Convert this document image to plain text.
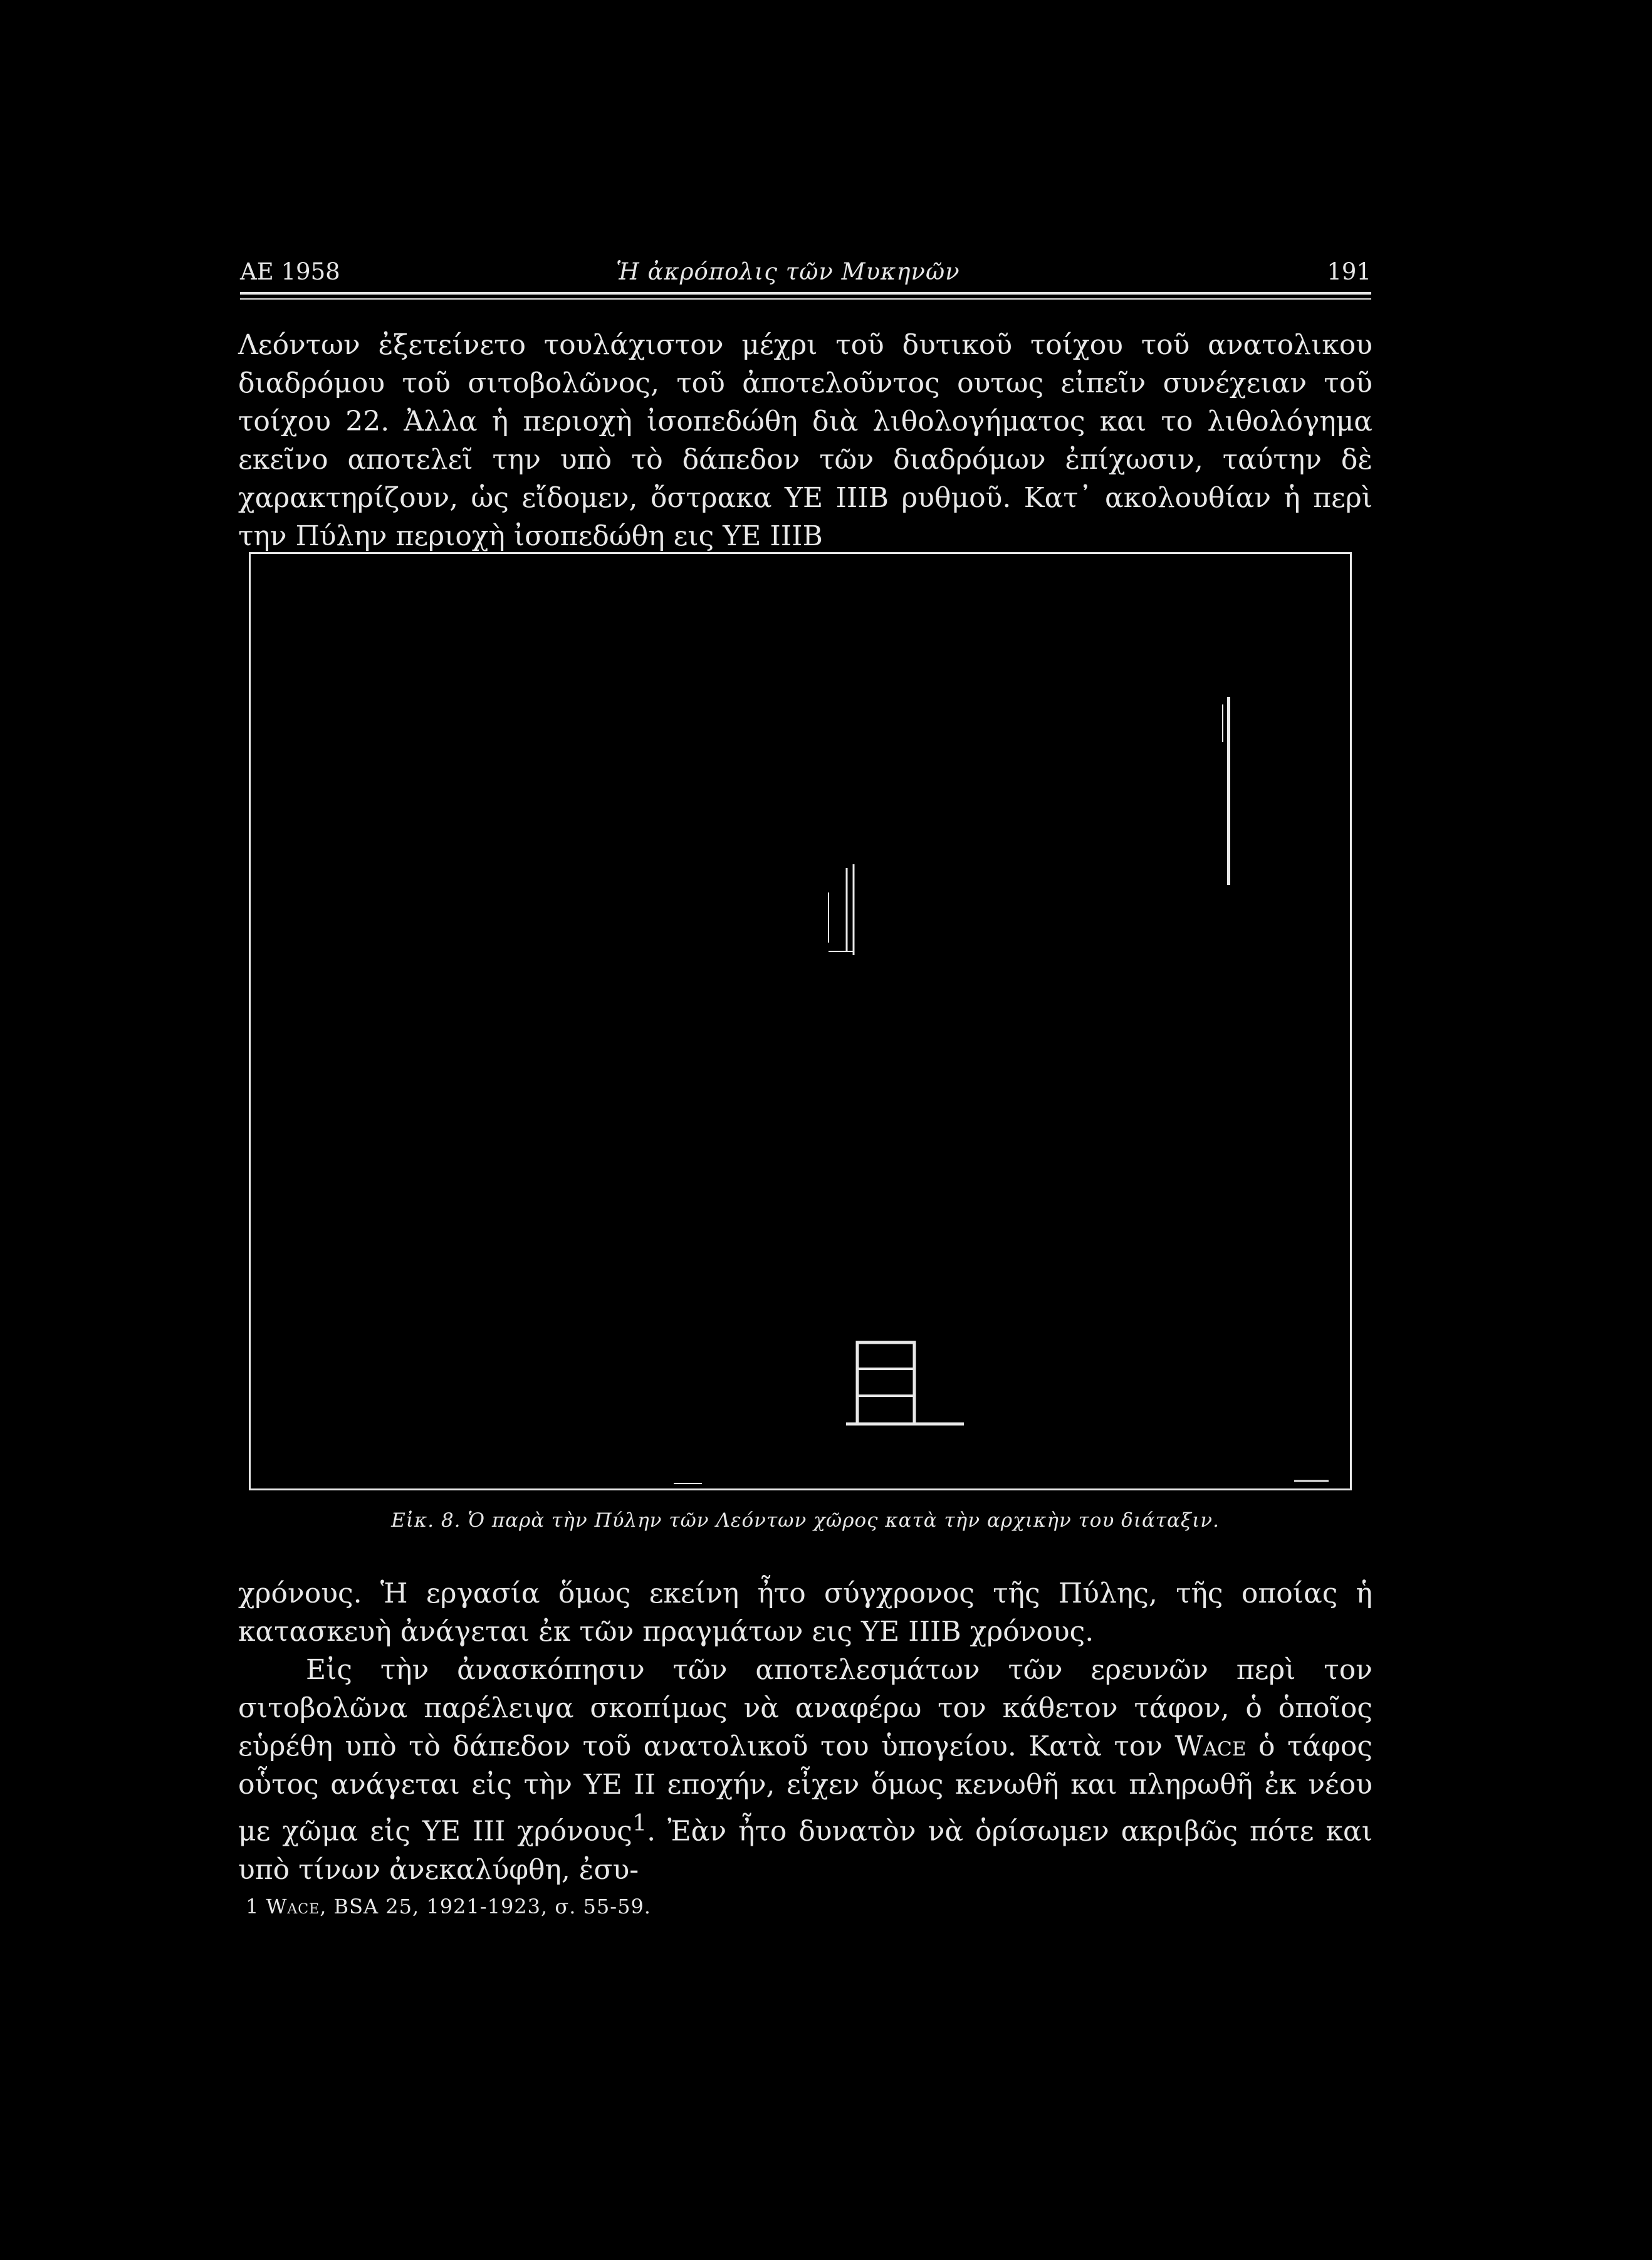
ΑΕ 1958	Ἡ ἀκρόπολις τῶν Μυκηνῶν	191

Λεόντων ἐξετείνετο τουλάχιστον μέχρι τοῦ δυτικοῦ τοίχου τοῦ ανατολικου διαδρόμου τοῦ σιτοβολῶνος, τοῦ ἀποτελοῦντος ουτως εἰπεῖν συνέχειαν τοῦ τοίχου 22. Ἀλλα ἡ περιοχὴ ἰσοπεδώθη διὰ λιθολογήματος και το λιθολόγημα εκεῖνο αποτελεῖ την υπὸ τὸ δάπεδον τῶν διαδρόμων ἐπίχωσιν, ταύτην δὲ χαρακτηρίζουν, ὡς εἴδομεν, ὄστρακα ΥΕ ΙΙΙΒ ρυθμοῦ. Κατ᾽ ακολουθίαν ἡ περὶ την Πύλην περιοχὴ ἰσοπεδώθη εις ΥΕ ΙΙΙΒ

Εἰκ. 8. Ὁ παρὰ τὴν Πύλην τῶν Λεόντων χῶρος κατὰ τὴν αρχικὴν του διάταξιν.

χρόνους. Ἡ εργασία ὅμως εκείνη ἦτο σύγχρονος τῆς Πύλης, τῆς οποίας ἡ κατασκευὴ ἀνάγεται ἐκ τῶν πραγμάτων εις ΥΕ ΙΙΙΒ χρόνους.

Εἰς τὴν ἀνασκόπησιν τῶν αποτελεσμάτων τῶν ερευνῶν περὶ τον σιτοβολῶνα παρέλειψα σκοπίμως νὰ αναφέρω τον κάθετον τάφον, ὁ ὁποῖος εὑρέθη υπὸ τὸ δάπεδον τοῦ ανατολικοῦ του ὑπογείου. Κατὰ τον Wace ὁ τάφος οὗτος ανάγεται εἰς τὴν ΥΕ ΙΙ εποχήν, εἶχεν ὅμως κενωθῆ και πληρωθῆ ἐκ νέου με χῶμα εἰς ΥΕ ΙΙΙ χρόνους$^1$. Ἐὰν ἦτο δυνατὸν νὰ ὁρίσωμεν ακριβῶς πότε και υπὸ τίνων ἀνεκαλύφθη, ἐσυ-

1 Wace, BSA 25, 1921-1923, σ. 55-59.
